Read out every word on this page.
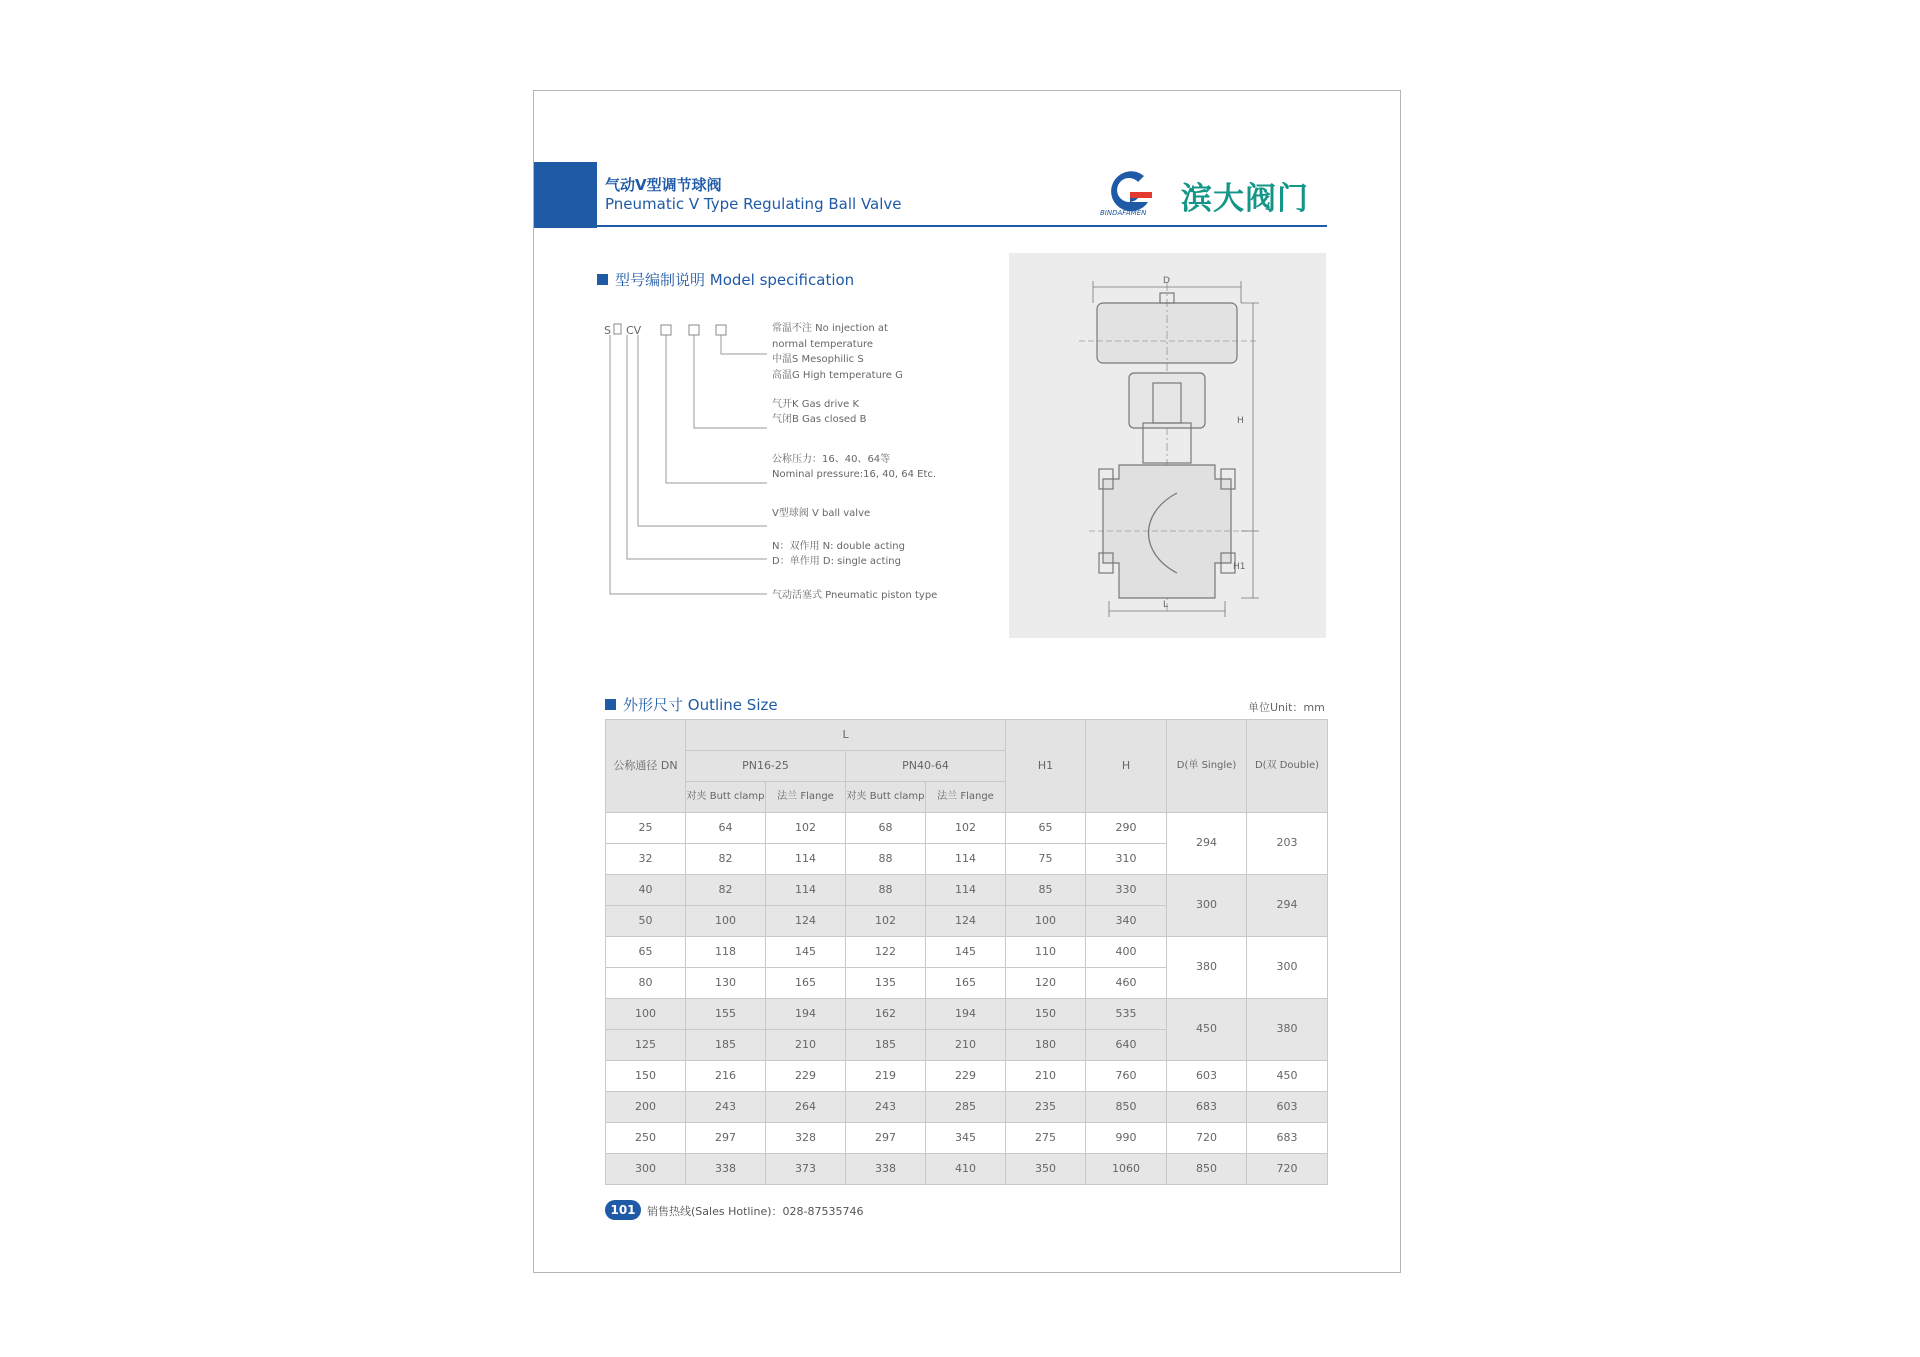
气动V型调节球阀
Pneumatic V Type Regulating Ball Valve	BINDAFAMEN 滨大阀门
型号编制说明 Model specification
S CV	常温不注 No injection at
normal temperature
中温S Mesophilic S
高温G High temperature G
气开K Gas drive K
气闭B Gas closed B
公称压力：16、40、64等
Nominal pressure:16, 40, 64 Etc.
V型球阀 V ball valve
N：双作用 N: double acting
D：单作用 D: single acting
气动活塞式 Pneumatic piston type
D
H
H1
L
外形尺寸 Outline Size	单位Unit：mm
公称通径 DN	L				H1	H	D(单 Single)	D(双 Double)
	PN16-25		PN40-64					
	对夹 Butt clamp	法兰 Flange	对夹 Butt clamp	法兰 Flange				
25	64	102	68	102	65	290	294	203
32	82	114	88	114	75	310		
40	82	114	88	114	85	330	300	294
50	100	124	102	124	100	340		
65	118	145	122	145	110	400	380	300
80	130	165	135	165	120	460		
100	155	194	162	194	150	535	450	380
125	185	210	185	210	180	640		
150	216	229	219	229	210	760	603	450
200	243	264	243	285	235	850	683	603
250	297	328	297	345	275	990	720	683
300	338	373	338	410	350	1060	850	720
101	销售热线(Sales Hotline)：028-87535746
